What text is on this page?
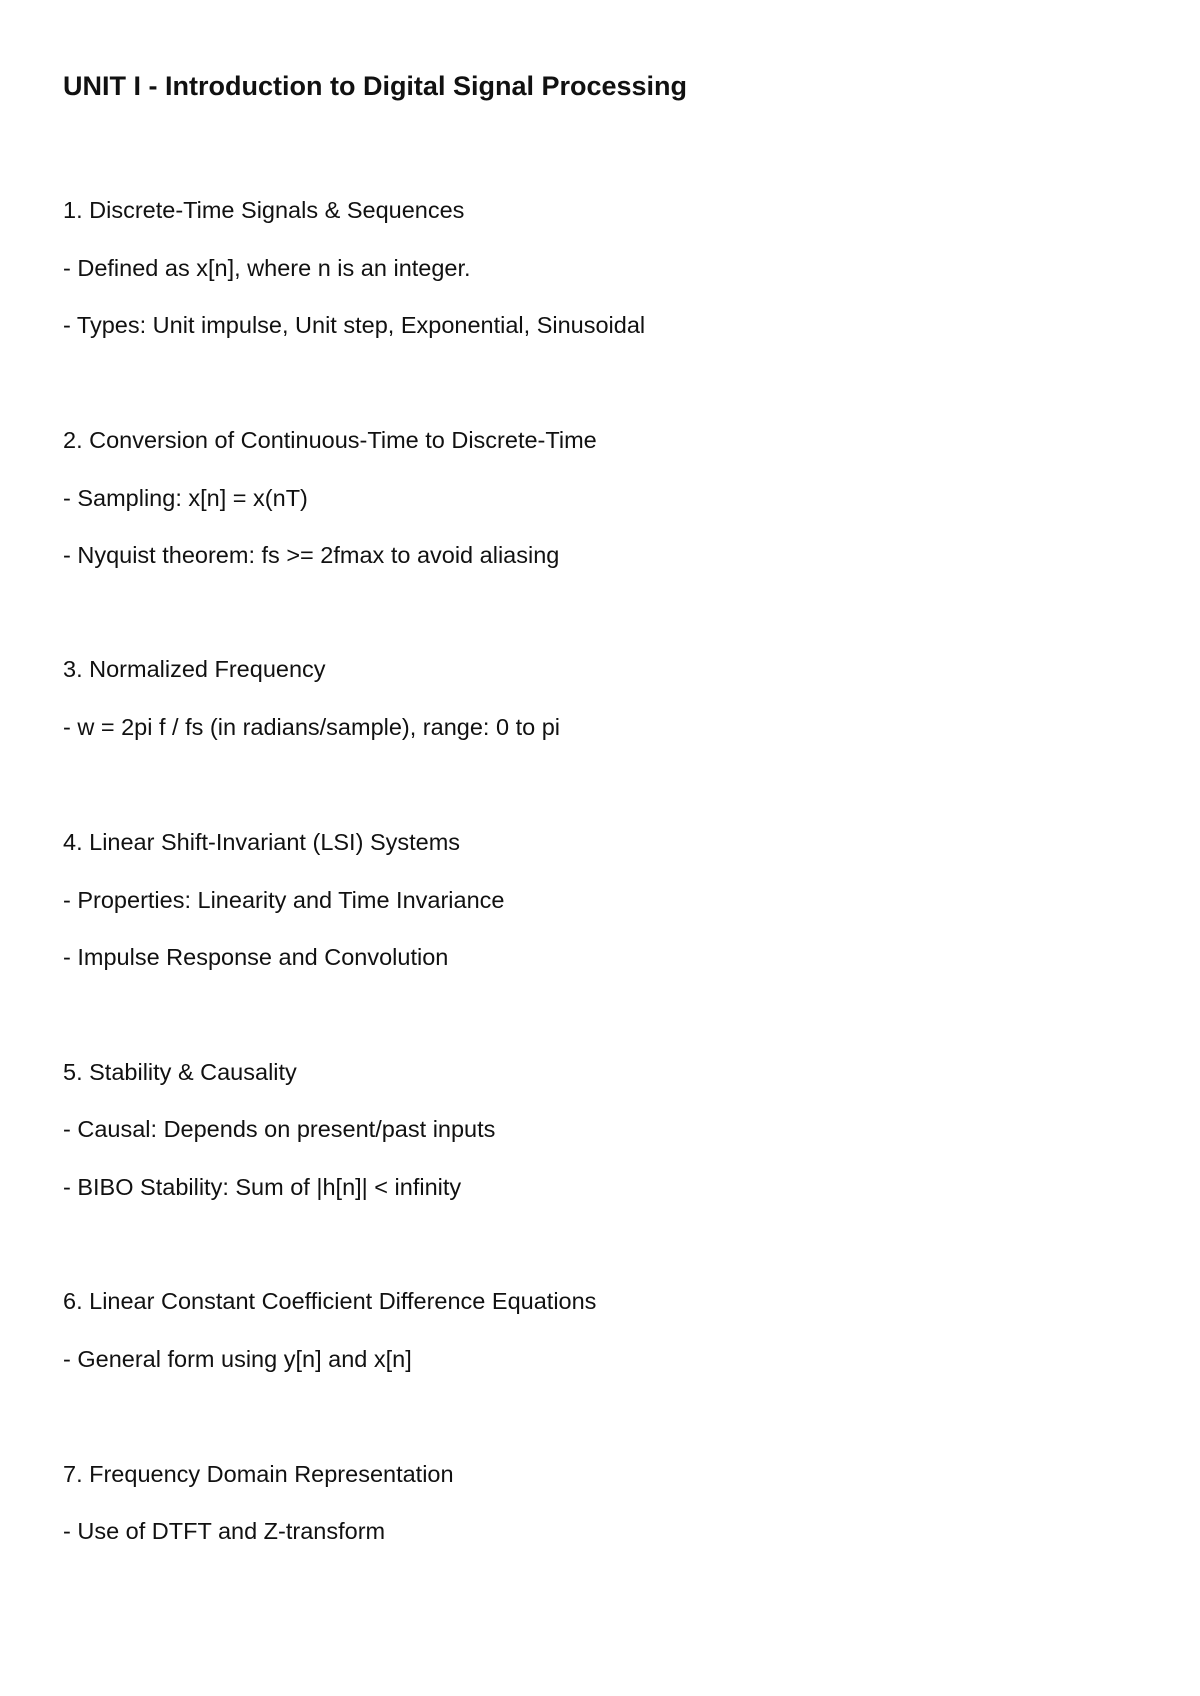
UNIT I - Introduction to Digital Signal Processing

1. Discrete-Time Signals & Sequences

- Defined as x[n], where n is an integer.

- Types: Unit impulse, Unit step, Exponential, Sinusoidal

2. Conversion of Continuous-Time to Discrete-Time

- Sampling: x[n] = x(nT)

- Nyquist theorem: fs >= 2fmax to avoid aliasing

3. Normalized Frequency

- w = 2pi f / fs (in radians/sample), range: 0 to pi

4. Linear Shift-Invariant (LSI) Systems

- Properties: Linearity and Time Invariance

- Impulse Response and Convolution

5. Stability & Causality

- Causal: Depends on present/past inputs

- BIBO Stability: Sum of |h[n]| < infinity

6. Linear Constant Coefficient Difference Equations

- General form using y[n] and x[n]

7. Frequency Domain Representation

- Use of DTFT and Z-transform
